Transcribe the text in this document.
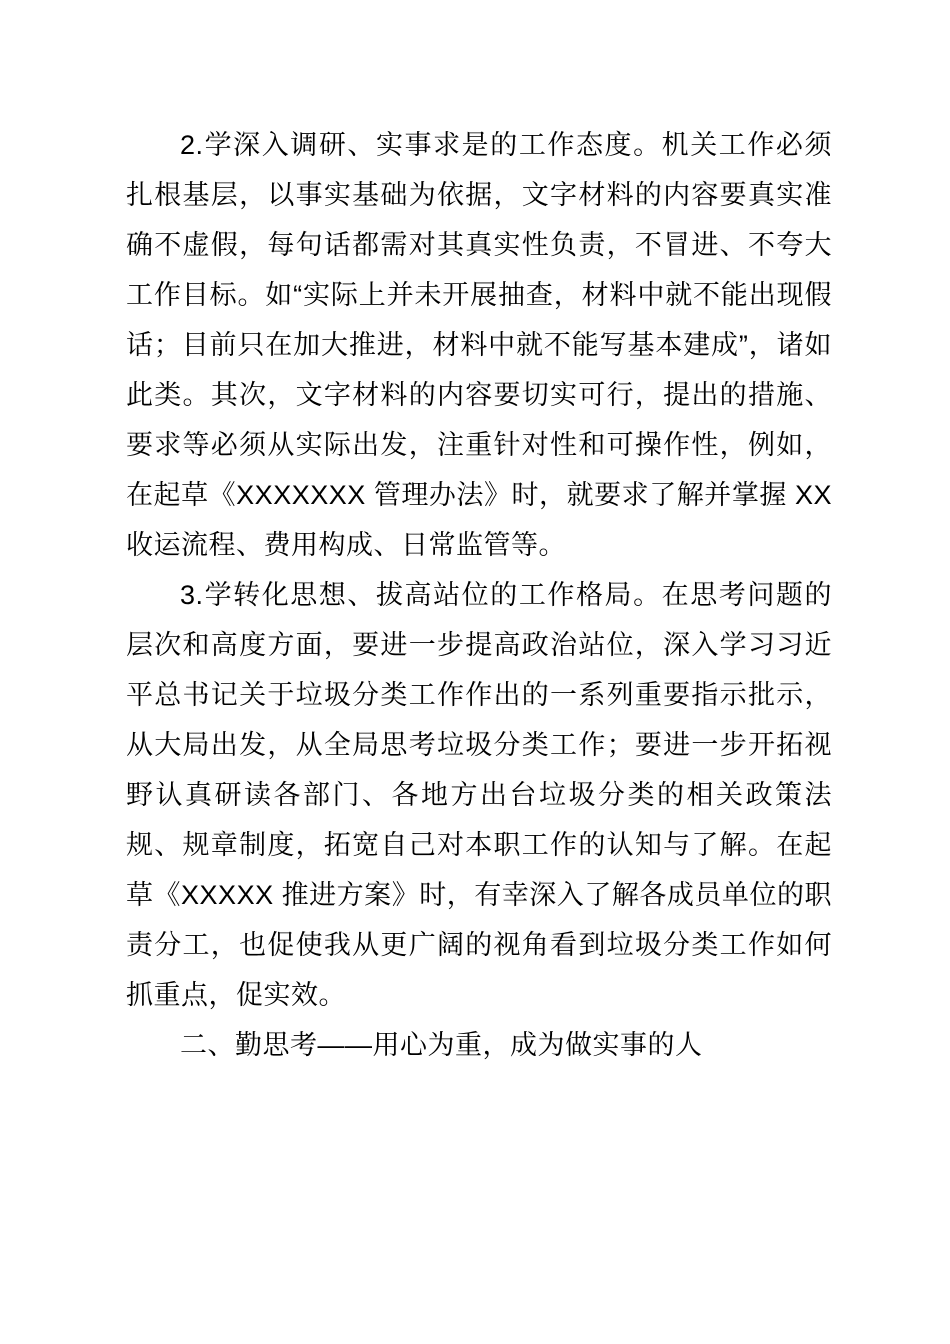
2.学深入调研、实事求是的工作态度。机关工作必须扎根基层，以事实基础为依据，文字材料的内容要真实准确不虚假，每句话都需对其真实性负责，不冒进、不夸大工作目标。如“实际上并未开展抽查，材料中就不能出现假话；目前只在加大推进，材料中就不能写基本建成”，诸如此类。其次，文字材料的内容要切实可行，提出的措施、要求等必须从实际出发，注重针对性和可操作性，例如，在起草《XXXXXXX 管理办法》时，就要求了解并掌握 XX 收运流程、费用构成、日常监管等。

3.学转化思想、拔高站位的工作格局。在思考问题的层次和高度方面，要进一步提高政治站位，深入学习习近平总书记关于垃圾分类工作作出的一系列重要指示批示，从大局出发，从全局思考垃圾分类工作；要进一步开拓视野认真研读各部门、各地方出台垃圾分类的相关政策法规、规章制度，拓宽自己对本职工作的认知与了解。在起草《XXXXX 推进方案》时，有幸深入了解各成员单位的职责分工，也促使我从更广阔的视角看到垃圾分类工作如何抓重点，促实效。

二、勤思考——用心为重，成为做实事的人
